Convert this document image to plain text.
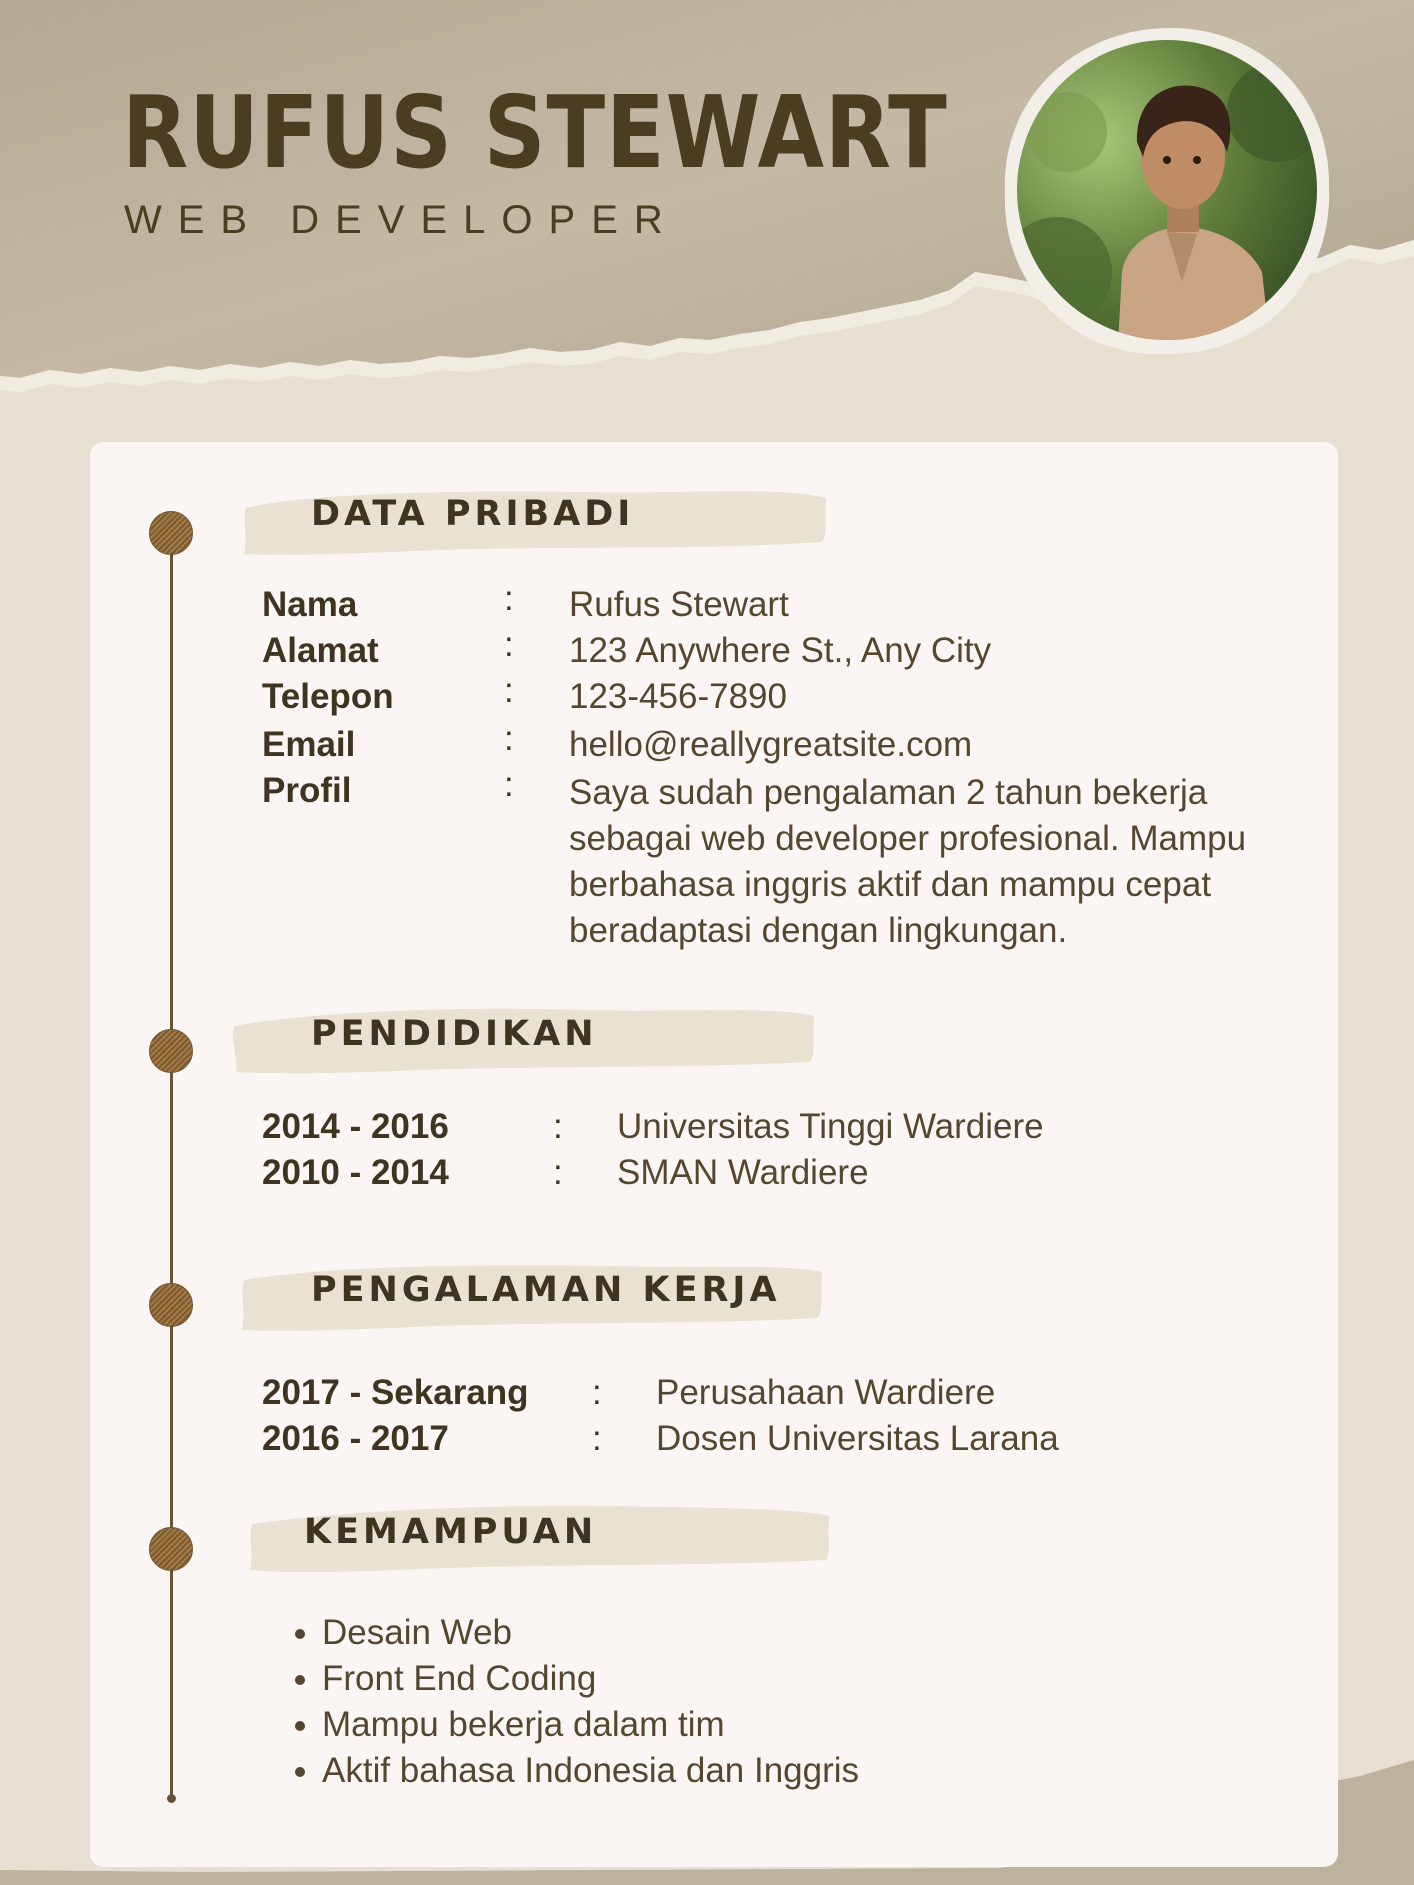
RUFUS STEWART
WEB DEVELOPER
DATA PRIBADI
Nama	: Rufus Stewart
Alamat	: 123 Anywhere St., Any City
Telepon	: 123-456-7890
Email	: hello@reallygreatsite.com
Profil	: Saya sudah pengalaman 2 tahun bekerja sebagai web developer profesional. Mampu berbahasa inggris aktif dan mampu cepat beradaptasi dengan lingkungan.

PENDIDIKAN
2014 - 2016	: Universitas Tinggi Wardiere
2010 - 2014	: SMAN Wardiere
PENGALAMAN KERJA
2017 - Sekarang : Perusahaan Wardiere
2016 - 2017	: Dosen Universitas Larana
KEMAMPUAN
• Desain Web
• Front End Coding
• Mampu bekerja dalam tim
• Aktif bahasa Indonesia dan Inggris
